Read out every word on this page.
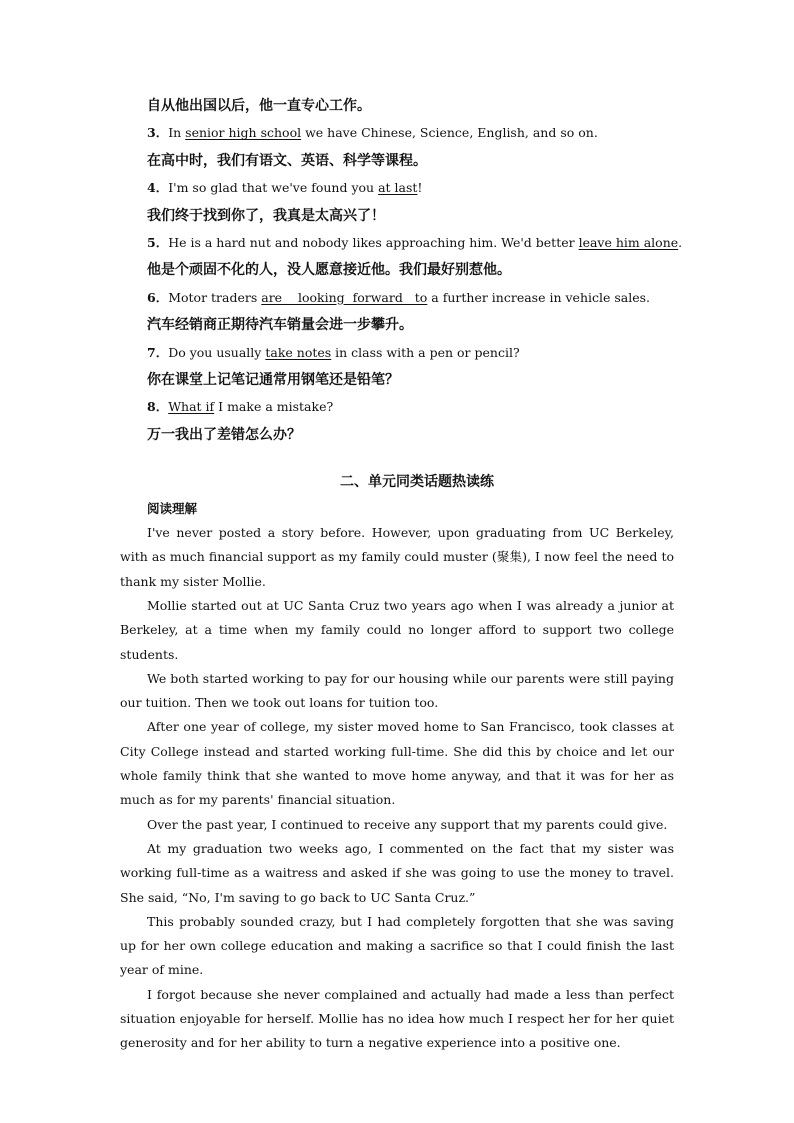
自从他出国以后，他一直专心工作。
3．In senior high school we have Chinese, Science, English, and so on.
在高中时，我们有语文、英语、科学等课程。
4．I'm so glad that we've found you at last!
我们终于找到你了，我真是太高兴了！
5．He is a hard nut and nobody likes approaching him. We'd better leave him alone.
他是个顽固不化的人，没人愿意接近他。我们最好别惹他。
6．Motor traders are    looking  forward   to a further increase in vehicle sales.
汽车经销商正期待汽车销量会进一步攀升。
7．Do you usually take notes in class with a pen or pencil?
你在课堂上记笔记通常用钢笔还是铅笔？
8．What if I make a mistake?
万一我出了差错怎么办？
二、单元同类话题热读练
阅读理解

I've never posted a story before. However, upon graduating from UC Berkeley, with as much financial support as my family could muster (聚集), I now feel the need to thank my sister Mollie.

Mollie started out at UC Santa Cruz two years ago when I was already a junior at Berkeley, at a time when my family could no longer afford to support two college students.

We both started working to pay for our housing while our parents were still paying our tuition. Then we took out loans for tuition too.

After one year of college, my sister moved home to San Francisco, took classes at City College instead and started working full-time. She did this by choice and let our whole family think that she wanted to move home anyway, and that it was for her as much as for my parents' financial situation.

Over the past year, I continued to receive any support that my parents could give.

At my graduation two weeks ago, I commented on the fact that my sister was working full-time as a waitress and asked if she was going to use the money to travel. She said, “No, I'm saving to go back to UC Santa Cruz.”

This probably sounded crazy, but I had completely forgotten that she was saving up for her own college education and making a sacrifice so that I could finish the last year of mine.

I forgot because she never complained and actually had made a less than perfect situation enjoyable for herself. Mollie has no idea how much I respect her for her quiet generosity and for her ability to turn a negative experience into a positive one.
